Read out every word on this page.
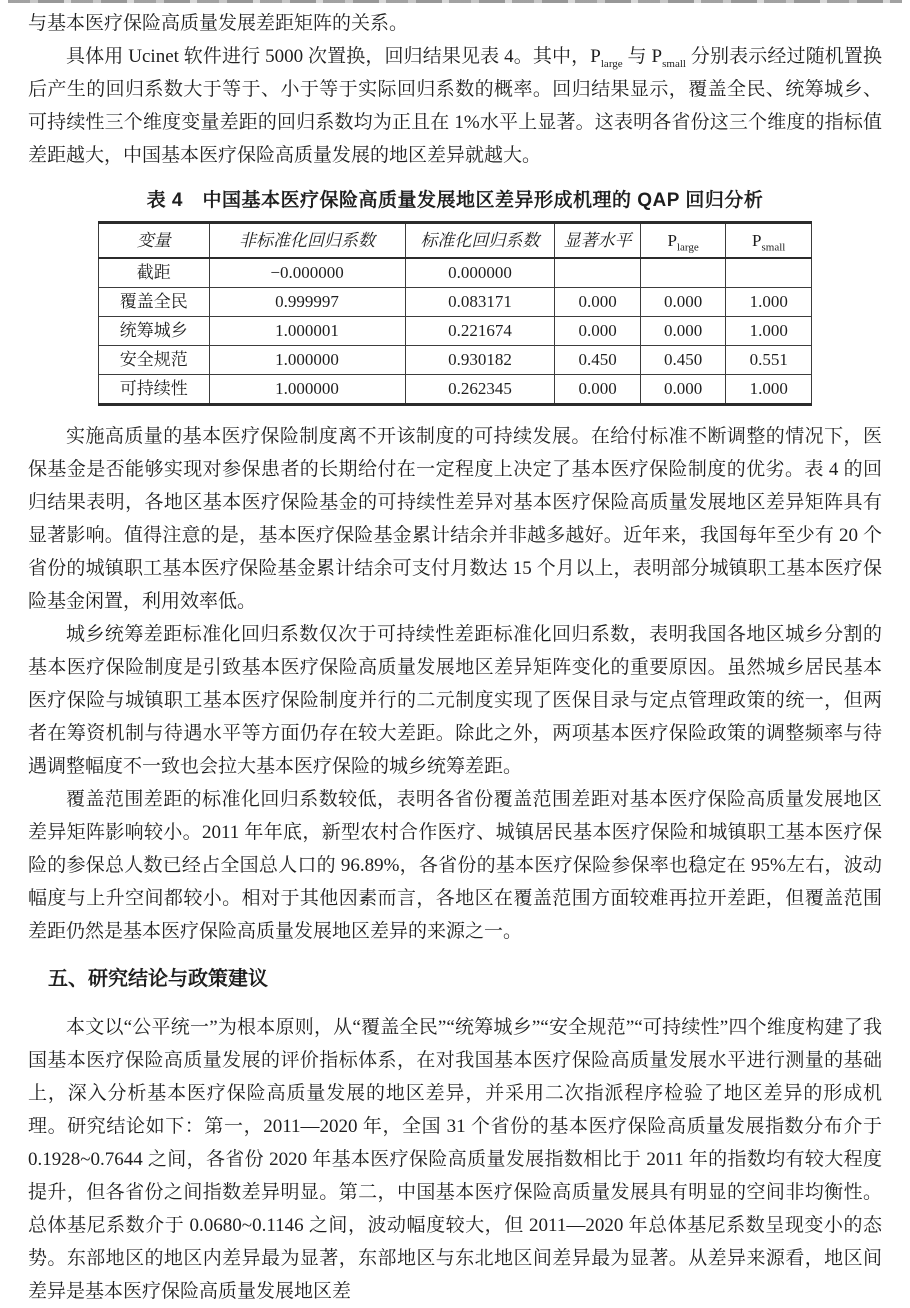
与基本医疗保险高质量发展差距矩阵的关系。

具体用 Ucinet 软件进行 5000 次置换，回归结果见表 4。其中，$P_{large}$ 与 $P_{small}$ 分别表示经过随机置换后产生的回归系数大于等于、小于等于实际回归系数的概率。回归结果显示，覆盖全民、统筹城乡、可持续性三个维度变量差距的回归系数均为正且在 1%水平上显著。这表明各省份这三个维度的指标值差距越大，中国基本医疗保险高质量发展的地区差异就越大。

表 4　中国基本医疗保险高质量发展地区差异形成机理的 QAP 回归分析
变量	非标准化回归系数	标准化回归系数	显著水平	$P_{large}$	$P_{small}$
截距	−0.000000	0.000000			
覆盖全民	0.999997	0.083171	0.000	0.000	1.000
统筹城乡	1.000001	0.221674	0.000	0.000	1.000
安全规范	1.000000	0.930182	0.450	0.450	0.551
可持续性	1.000000	0.262345	0.000	0.000	1.000

实施高质量的基本医疗保险制度离不开该制度的可持续发展。在给付标准不断调整的情况下，医保基金是否能够实现对参保患者的长期给付在一定程度上决定了基本医疗保险制度的优劣。表 4 的回归结果表明，各地区基本医疗保险基金的可持续性差异对基本医疗保险高质量发展地区差异矩阵具有显著影响。值得注意的是，基本医疗保险基金累计结余并非越多越好。近年来，我国每年至少有 20 个省份的城镇职工基本医疗保险基金累计结余可支付月数达 15 个月以上，表明部分城镇职工基本医疗保险基金闲置，利用效率低。

城乡统筹差距标准化回归系数仅次于可持续性差距标准化回归系数，表明我国各地区城乡分割的基本医疗保险制度是引致基本医疗保险高质量发展地区差异矩阵变化的重要原因。虽然城乡居民基本医疗保险与城镇职工基本医疗保险制度并行的二元制度实现了医保目录与定点管理政策的统一，但两者在筹资机制与待遇水平等方面仍存在较大差距。除此之外，两项基本医疗保险政策的调整频率与待遇调整幅度不一致也会拉大基本医疗保险的城乡统筹差距。

覆盖范围差距的标准化回归系数较低，表明各省份覆盖范围差距对基本医疗保险高质量发展地区差异矩阵影响较小。2011 年年底，新型农村合作医疗、城镇居民基本医疗保险和城镇职工基本医疗保险的参保总人数已经占全国总人口的 96.89%，各省份的基本医疗保险参保率也稳定在 95%左右，波动幅度与上升空间都较小。相对于其他因素而言，各地区在覆盖范围方面较难再拉开差距，但覆盖范围差距仍然是基本医疗保险高质量发展地区差异的来源之一。

五、研究结论与政策建议

本文以“公平统一”为根本原则，从“覆盖全民”“统筹城乡”“安全规范”“可持续性”四个维度构建了我国基本医疗保险高质量发展的评价指标体系，在对我国基本医疗保险高质量发展水平进行测量的基础上，深入分析基本医疗保险高质量发展的地区差异，并采用二次指派程序检验了地区差异的形成机理。研究结论如下：第一，2011—2020 年，全国 31 个省份的基本医疗保险高质量发展指数分布介于 0.1928~0.7644 之间，各省份 2020 年基本医疗保险高质量发展指数相比于 2011 年的指数均有较大程度提升，但各省份之间指数差异明显。第二，中国基本医疗保险高质量发展具有明显的空间非均衡性。总体基尼系数介于 0.0680~0.1146 之间，波动幅度较大，但 2011—2020 年总体基尼系数呈现变小的态势。东部地区的地区内差异最为显著，东部地区与东北地区间差异最为显著。从差异来源看，地区间差异是基本医疗保险高质量发展地区差
